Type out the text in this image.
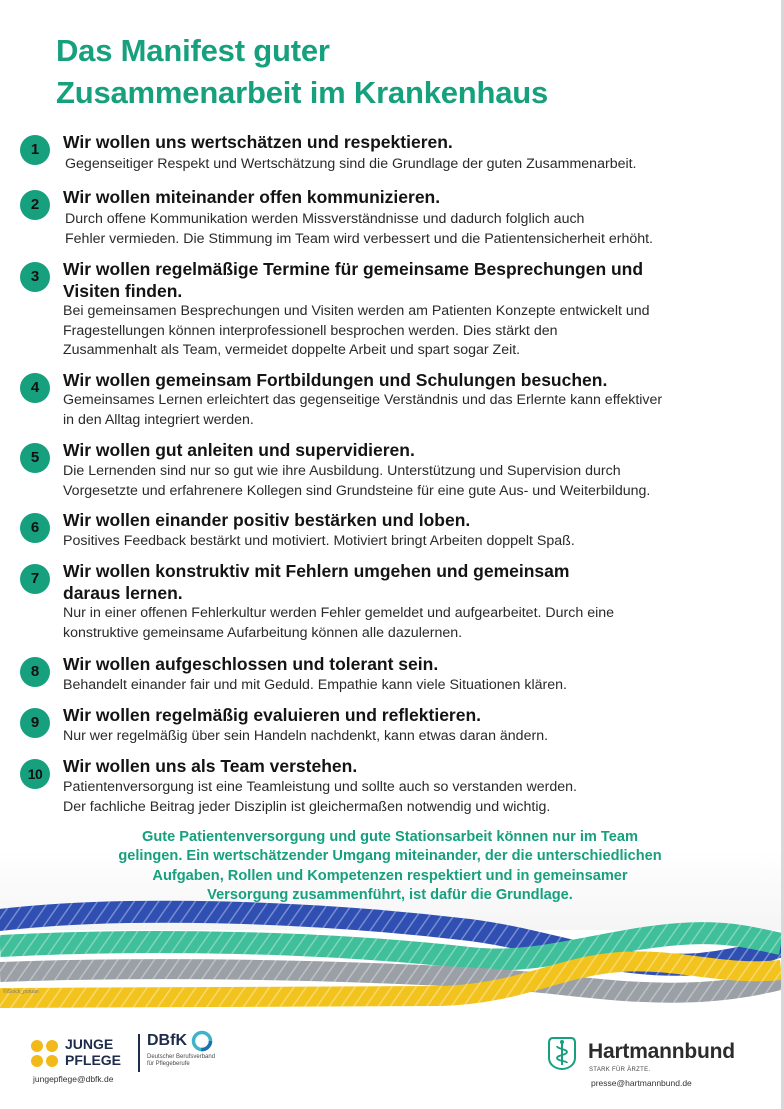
Das Manifest guter
Zusammenarbeit im Krankenhaus
1	Wir wollen uns wertschätzen und respektieren.
Gegenseitiger Respekt und Wertschätzung sind die Grundlage der guten Zusammenarbeit.
2	Wir wollen miteinander offen kommunizieren.
Durch offene Kommunikation werden Missverständnisse und dadurch folglich auch
Fehler vermieden. Die Stimmung im Team wird verbessert und die Patientensicherheit erhöht.
3	Wir wollen regelmäßige Termine für gemeinsame Besprechungen und
Visiten finden.
Bei gemeinsamen Besprechungen und Visiten werden am Patienten Konzepte entwickelt und
Fragestellungen können interprofessionell besprochen werden. Dies stärkt den
Zusammenhalt als Team, vermeidet doppelte Arbeit und spart sogar Zeit.
4	Wir wollen gemeinsam Fortbildungen und Schulungen besuchen.
Gemeinsames Lernen erleichtert das gegenseitige Verständnis und das Erlernte kann effektiver
in den Alltag integriert werden.
5	Wir wollen gut anleiten und supervidieren.
Die Lernenden sind nur so gut wie ihre Ausbildung. Unterstützung und Supervision durch
Vorgesetzte und erfahrenere Kollegen sind Grundsteine für eine gute Aus- und Weiterbildung.
6	Wir wollen einander positiv bestärken und loben.
Positives Feedback bestärkt und motiviert. Motiviert bringt Arbeiten doppelt Spaß.
7	Wir wollen konstruktiv mit Fehlern umgehen und gemeinsam
daraus lernen.
Nur in einer offenen Fehlerkultur werden Fehler gemeldet und aufgearbeitet. Durch eine
konstruktive gemeinsame Aufarbeitung können alle dazulernen.
8	Wir wollen aufgeschlossen und tolerant sein.
Behandelt einander fair und mit Geduld. Empathie kann viele Situationen klären.
9	Wir wollen regelmäßig evaluieren und reflektieren.
Nur wer regelmäßig über sein Handeln nachdenkt, kann etwas daran ändern.
10	Wir wollen uns als Team verstehen.
Patientenversorgung ist eine Teamleistung und sollte auch so verstanden werden.
Der fachliche Beitrag jeder Disziplin ist gleichermaßen notwendig und wichtig.
©iStock_puruan
Gute Patientenversorgung und gute Stationsarbeit können nur im Team
gelingen. Ein wertschätzender Umgang miteinander, der die unterschiedlichen
Aufgaben, Rollen und Kompetenzen respektiert und in gemeinsamer
Versorgung zusammenführt, ist dafür die Grundlage.
JUNGE
PFLEGE
DBfK
Deutscher Berufsverband
für Pflegeberufe
jungepflege@dbfk.de
Hartmannbund
STARK FÜR ÄRZTE.
presse@hartmannbund.de
